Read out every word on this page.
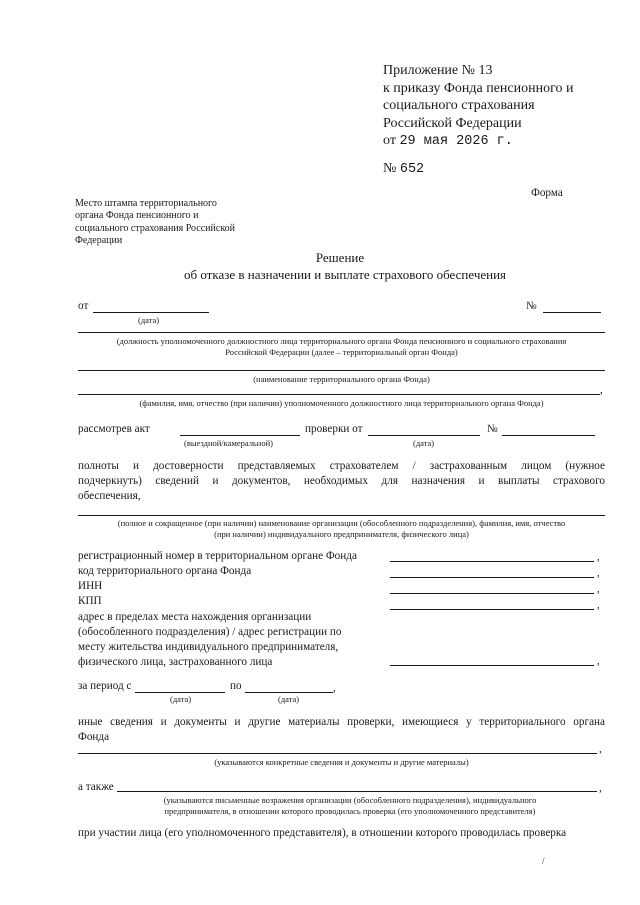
Приложение № 13
к приказу Фонда пенсионного и
социального страхования
Российской Федерации
от 29 мая 2026 г.
№ 652
Форма
Место штампа территориального
органа Фонда пенсионного и
социального страхования Российской
Федерации
Решение
об отказе в назначении и выплате страхового обеспечения
от
(дата)
№
(должность уполномоченного должностного лица территориального органа Фонда пенсионного и социального страхования
Российской Федерации (далее – территориальный орган Фонда)
(наименование территориального органа Фонда)
,
(фамилия, имя, отчество (при наличии) уполномоченного должностного лица территориального органа Фонда)
рассмотрев акт
(выездной/камеральной)
проверки от
(дата)
№
полноты и достоверности представляемых страхователем / застрахованным лицом (нужное
подчеркнуть) сведений и документов, необходимых для назначения и выплаты страхового
обеспечения,
(полное и сокращенное (при наличии) наименование организации (обособленного подразделения), фамилия, имя, отчество
(при наличии) индивидуального предпринимателя, физического лица)
регистрационный номер в территориальном органе Фонда	,
код территориального органа Фонда	,
ИНН	,
КПП	,
адрес в пределах места нахождения организации
(обособленного подразделения) / адрес регистрации по
месту жительства индивидуального предпринимателя,
физического лица, застрахованного лица	,
за период с
(дата)
по
(дата)
,
иные сведения и документы и другие материалы проверки, имеющиеся у территориального органа
Фонда
,
(указываются конкретные сведения и документы и другие материалы)
а также	,
(указываются письменные возражения организации (обособленного подразделения), индивидуального
предпринимателя, в отношении которого проводилась проверка (его уполномоченного представителя)
при участии лица (его уполномоченного представителя), в отношении которого проводилась проверка
/
